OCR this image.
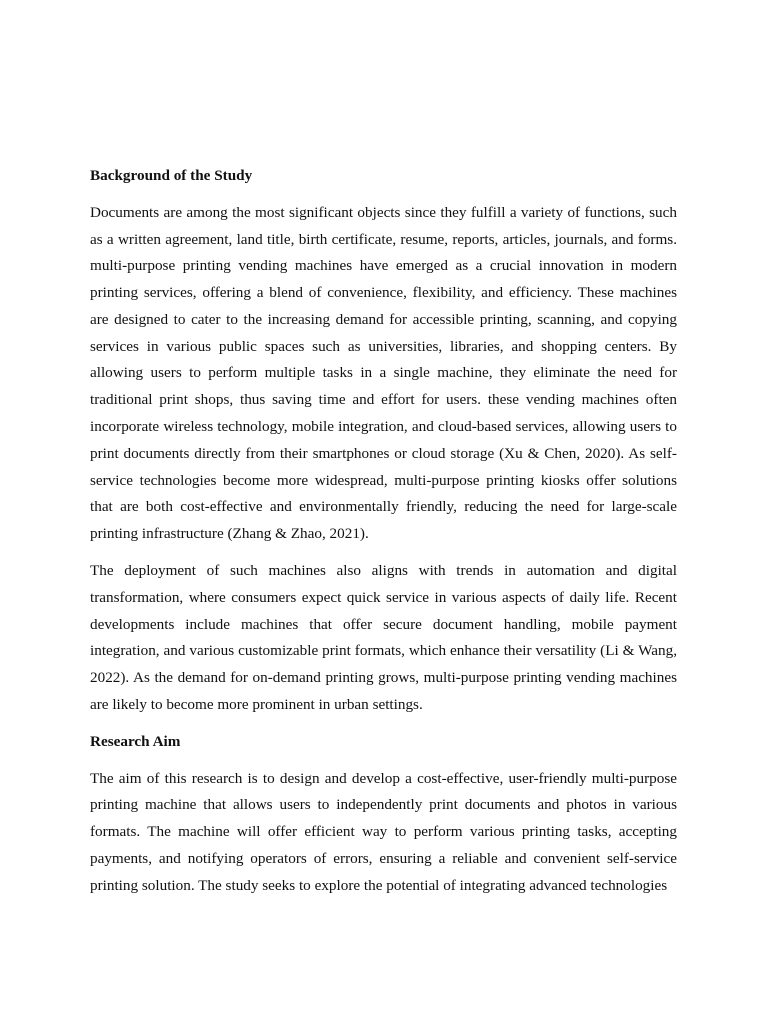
Background of the Study

Documents are among the most significant objects since they fulfill a variety of functions, such as a written agreement, land title, birth certificate, resume, reports, articles, journals, and forms. multi-purpose printing vending machines have emerged as a crucial innovation in modern printing services, offering a blend of convenience, flexibility, and efficiency. These machines are designed to cater to the increasing demand for accessible printing, scanning, and copying services in various public spaces such as universities, libraries, and shopping centers. By allowing users to perform multiple tasks in a single machine, they eliminate the need for traditional print shops, thus saving time and effort for users. these vending machines often incorporate wireless technology, mobile integration, and cloud-based services, allowing users to print documents directly from their smartphones or cloud storage (Xu & Chen, 2020). As self-service technologies become more widespread, multi-purpose printing kiosks offer solutions that are both cost-effective and environmentally friendly, reducing the need for large-scale printing infrastructure (Zhang & Zhao, 2021).

The deployment of such machines also aligns with trends in automation and digital transformation, where consumers expect quick service in various aspects of daily life. Recent developments include machines that offer secure document handling, mobile payment integration, and various customizable print formats, which enhance their versatility (Li & Wang, 2022). As the demand for on-demand printing grows, multi-purpose printing vending machines are likely to become more prominent in urban settings.

Research Aim

The aim of this research is to design and develop a cost-effective, user-friendly multi-purpose printing machine that allows users to independently print documents and photos in various formats. The machine will offer efficient way to perform various printing tasks, accepting payments, and notifying operators of errors, ensuring a reliable and convenient self-service printing solution. The study seeks to explore the potential of integrating advanced technologies
